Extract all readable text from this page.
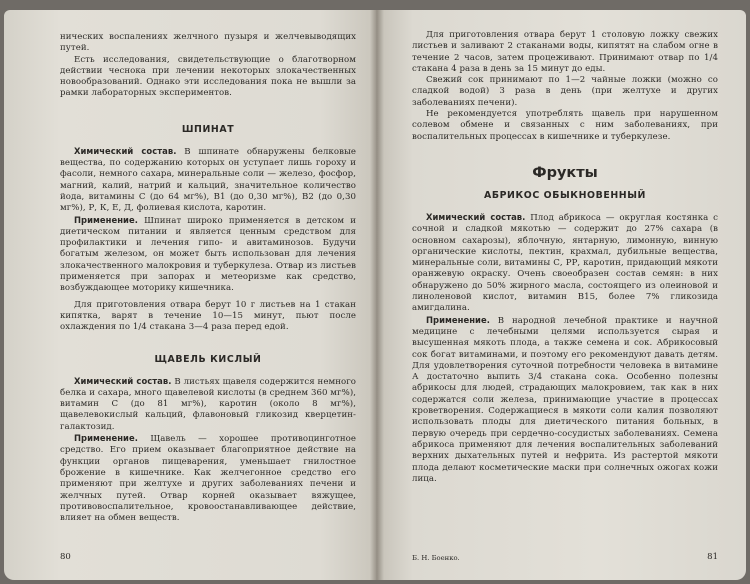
ническиx воспалениях желчного пузыря и желчевыводящих путей.

Есть исследования, свидетельствующие о благотворном действии чеснока при лечении некоторых злокачественных новообразований. Однако эти исследования пока не вышли за рамки лабораторных экспериментов.

ШПИНАТ

Химический состав. В шпинате обнаружены белковые вещества, по содержанию которых он уступает лишь гороху и фасоли, немного сахара, минеральные соли — железо, фосфор, магний, калий, натрий и кальций, значительное количество йода, витамины С (до 64 мг%), B1 (до 0,30 мг%), B2 (до 0,30 мг%), Р, К, Е, Д, фолиевая кислота, каротин.

Применение. Шпинат широко применяется в детском и диетическом питании и является ценным средством для профилактики и лечения гипо- и авитаминозов. Будучи богатым железом, он может быть использован для лечения злокачественного малокровия и туберкулеза. Отвар из листьев применяется при запорах и метеоризме как средство, возбуждающее моторику кишечника.

Для приготовления отвара берут 10 г листьев на 1 стакан кипятка, варят в течение 10—15 минут, пьют после охлаждения по 1/4 стакана 3—4 раза перед едой.

ЩАВЕЛЬ КИСЛЫЙ

Химический состав. В листьях щавеля содержится немного белка и сахара, много щавелевой кислоты (в среднем 360 мг%), витамин С (до 81 мг%), каротин (около 8 мг%), щавелевокислый кальций, флавоновый гликозид кверцетин-галактозид.

Применение. Щавель — хорошее противоцинготное средство. Его прием оказывает благоприятное действие на функции органов пищеварения, уменьшает гнилостное брожение в кишечнике. Как желчегонное средство его применяют при желтухе и других заболеваниях печени и желчных путей. Отвар корней оказывает вяжущее, противовоспалительное, кровоостанавливающее действие, влияет на обмен веществ.

80

Для приготовления отвара берут 1 столовую ложку свежих листьев и заливают 2 стаканами воды, кипятят на слабом огне в течение 2 часов, затем процеживают. Принимают отвар по 1/4 стакана 4 раза в день за 15 минут до еды.

Свежий сок принимают по 1—2 чайные ложки (можно со сладкой водой) 3 раза в день (при желтухе и других заболеваниях печени).

Не рекомендуется употреблять щавель при нарушенном солевом обмене и связанных с ним заболеваниях, при воспалительных процессах в кишечнике и туберкулезе.

Фрукты
АБРИКОС ОБЫКНОВЕННЫЙ

Химический состав. Плод абрикоса — округлая костянка с сочной и сладкой мякотью — содержит до 27% сахара (в основном сахарозы), яблочную, янтарную, лимонную, винную органические кислоты, пектин, крахмал, дубильные вещества, минеральные соли, витамины С, РР, каротин, придающий мякоти оранжевую окраску. Очень своеобразен состав семян: в них обнаружено до 50% жирного масла, состоящего из олеиновой и линоленовой кислот, витамин B15, более 7% гликозида амигдалина.

Применение. В народной лечебной практике и научной медицине с лечебными целями используется сырая и высушенная мякоть плода, а также семена и сок. Абрикосовый сок богат витаминами, и поэтому его рекомендуют давать детям. Для удовлетворения суточной потребности человека в витамине А достаточно выпить 3/4 стакана сока. Особенно полезны абрикосы для людей, страдающих малокровием, так как в них содержатся соли железа, принимающие участие в процессах кроветворения. Содержащиеся в мякоти соли калия позволяют использовать плоды для диетического питания больных, в первую очередь при сердечно-сосудистых заболеваниях. Семена абрикоса применяют для лечения воспалительных заболеваний верхних дыхательных путей и нефрита. Из растертой мякоти плода делают косметические маски при солнечных ожогах кожи лица.

Б. Н. Боенко.	81
